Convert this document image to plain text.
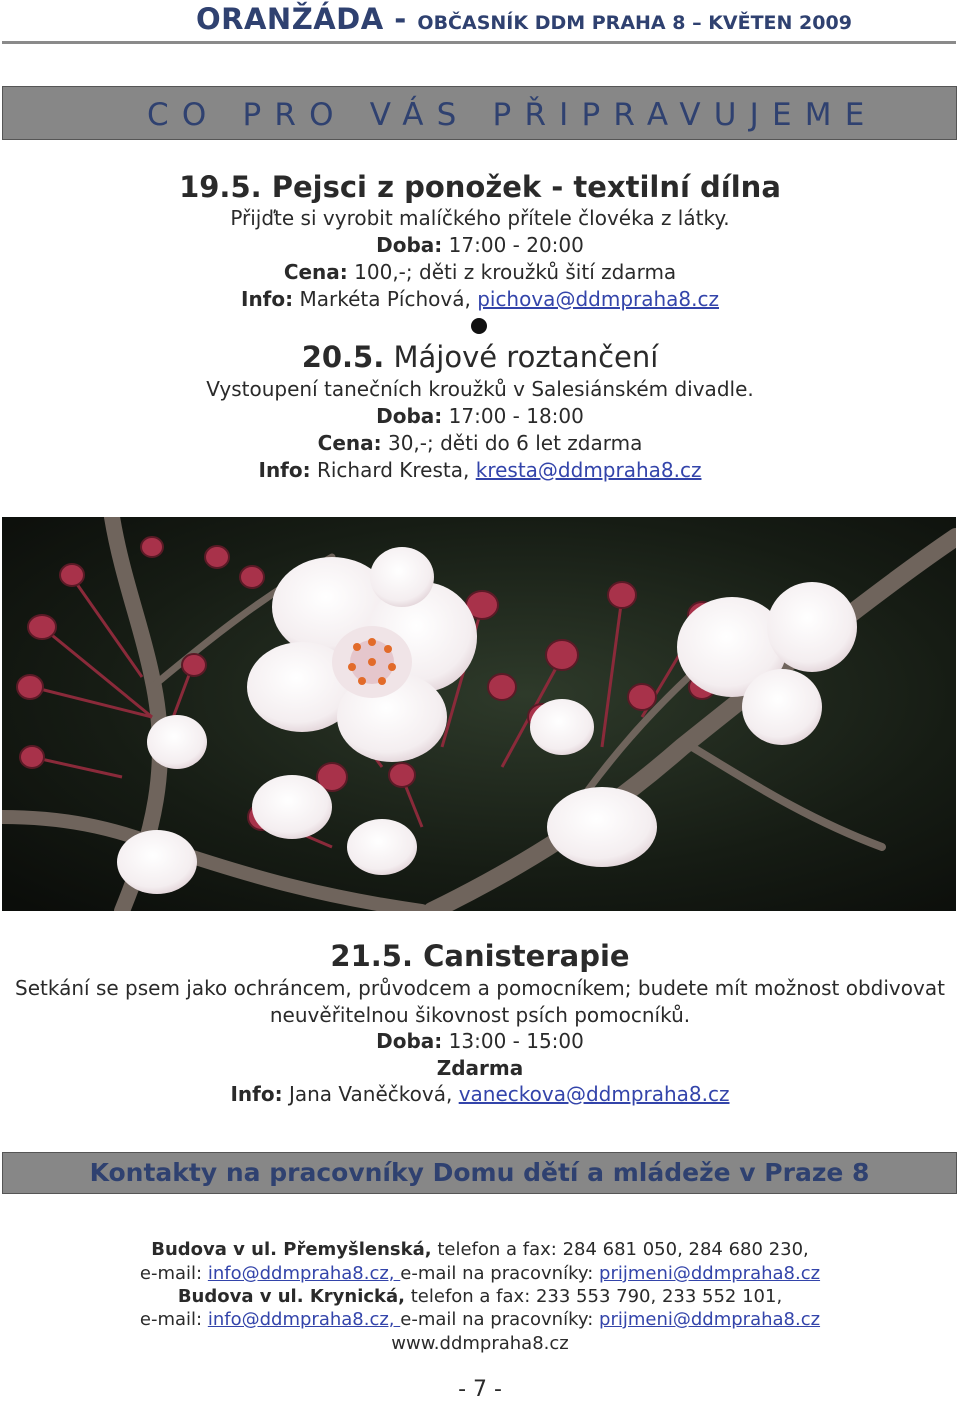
ORANŽÁDA - OBČASNÍK DDM PRAHA 8 – KVĚTEN 2009
CO PRO VÁS PŘIPRAVUJEME
19.5. Pejsci z ponožek - textilní dílna
Přijďte si vyrobit malíčkého přítele človéka z látky.
Doba: 17:00 - 20:00
Cena: 100,-; děti z kroužků šití zdarma
Info: Markéta Píchová, pichova@ddmpraha8.cz
20.5. Májové roztančení
Vystoupení tanečních kroužků v Salesiánském divadle.
Doba: 17:00 - 18:00
Cena: 30,-; děti do 6 let zdarma
Info: Richard Kresta, kresta@ddmpraha8.cz
21.5. Canisterapie
Setkání se psem jako ochráncem, průvodcem a pomocníkem; budete mít možnost obdivovat
neuvěřitelnou šikovnost psích pomocníků.
Doba: 13:00 - 15:00
Zdarma
Info: Jana Vaněčková, vaneckova@ddmpraha8.cz
Kontakty na pracovníky Domu dětí a mládeže v Praze 8
Budova v ul. Přemyšlenská, telefon a fax: 284 681 050, 284 680 230,
e-mail: info@ddmpraha8.cz, e-mail na pracovníky: prijmeni@ddmpraha8.cz
Budova v ul. Krynická, telefon a fax: 233 553 790, 233 552 101,
e-mail: info@ddmpraha8.cz, e-mail na pracovníky: prijmeni@ddmpraha8.cz
www.ddmpraha8.cz
- 7 -
